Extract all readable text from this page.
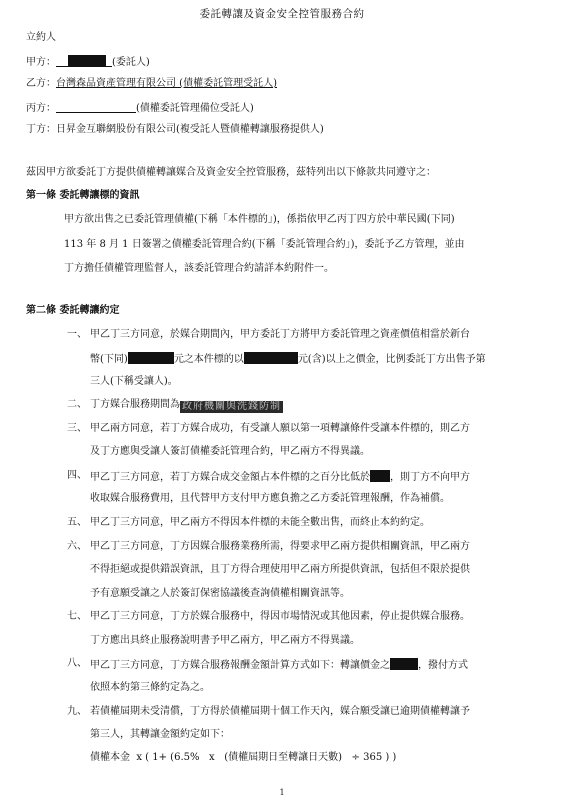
委託轉讓及資金安全控管服務合約
立約人
甲方：	(委託人)
乙方：台灣森品資產管理有限公司 (債權委託管理受託人)
丙方：	(債權委託管理備位受託人)
丁方：日昇金互聯網股份有限公司(複受託人暨債權轉讓服務提供人)
茲因甲方欲委託丁方提供債權轉讓媒合及資金安全控管服務，茲特列出以下條款共同遵守之：
第一條 委託轉讓標的資訊
甲方欲出售之已委託管理債權(下稱「本件標的」)，係指依甲乙丙丁四方於中華民國(下同)
113 年 8 月 1 日簽署之債權委託管理合約(下稱「委託管理合約」)，委託予乙方管理，並由
丁方擔任債權管理監督人，該委託管理合約請詳本約附件一。
第二條 委託轉讓約定
一、 甲乙丁三方同意，於媒合期間內，甲方委託丁方將甲方委託管理之資產價值相當於新台
幣(下同)	元之本件標的以	元(含)以上之價金，比例委託丁方出售予第
三人(下稱受讓人)。
二、 丁方媒合服務期間為 政府機關與洗錢防制
三、 甲乙兩方同意，若丁方媒合成功，有受讓人願以第一項轉讓條件受讓本件標的，則乙方
及丁方應與受讓人簽訂債權委託管理合約，甲乙兩方不得異議。
四、 甲乙丁三方同意，若丁方媒合成交金額占本件標的之百分比低於 ，則丁方不向甲方
收取媒合服務費用，且代替甲方支付甲方應負擔之乙方委託管理報酬，作為補償。
五、 甲乙丁三方同意，甲乙兩方不得因本件標的未能全數出售，而終止本約約定。
六、 甲乙丁三方同意，丁方因媒合服務業務所需，得要求甲乙兩方提供相關資訊，甲乙兩方
不得拒絕或提供錯誤資訊，且丁方得合理使用甲乙兩方所提供資訊，包括但不限於提供
予有意願受讓之人於簽訂保密協議後查詢債權相關資訊等。
七、 甲乙丁三方同意，丁方於媒合服務中，得因市場情況或其他因素，停止提供媒合服務。
丁方應出具終止服務說明書予甲乙兩方，甲乙兩方不得異議。
八、 甲乙丁三方同意，丁方媒合服務報酬金額計算方式如下：轉讓價金之	，撥付方式
依照本約第三條約定為之。
九、 若債權屆期未受清償，丁方得於債權屆期十個工作天內，媒合願受讓已逾期債權轉讓予
第三人，其轉讓金額約定如下：
債權本金  x ( 1+ (6.5%   x   (債權屆期日至轉讓日天數)   ÷ 365 ) )
1
